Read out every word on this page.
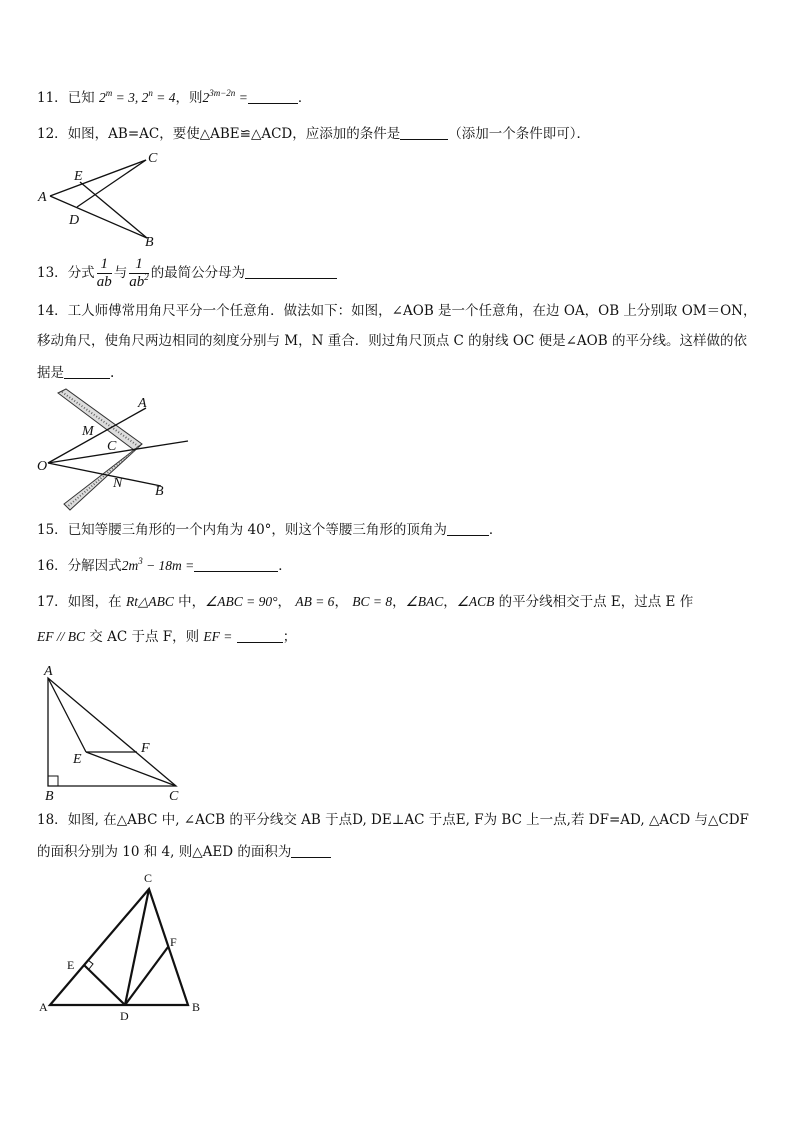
11．已知 $2^m = 3$, $2^n = 4$，则$2^{3m-2n}$ =	．
12．如图，AB=AC，要使△ABE≌△ACD，应添加的条件是	（添加一个条件即可）．
A
C
B
E
D
13．分式 $\frac{1}{ab}$ 与 $\frac{1}{ab^2}$ 的最简公分母为
14．工人师傅常用角尺平分一个任意角．做法如下：如图，∠AOB 是一个任意角，在边 OA，OB 上分别取 OM＝ON，
移动角尺，使角尺两边相同的刻度分别与 M，N 重合．则过角尺顶点 C 的射线 OC 便是∠AOB 的平分线。这样做的依
据是	.
A
O
M
C
N
B
15．已知等腰三角形的一个内角为 40°，则这个等腰三角形的顶角为	．
16．分解因式$2m^3 - 18m$ =	．
17．如图，在 Rt△ABC 中，∠ABC = 90°， AB = 6， BC = 8，∠BAC，∠ACB 的平分线相交于点 E，过点 E 作
EF // BC 交 AC 于点 F，则 EF =	；
A
B	C
E
F
18．如图, 在△ABC 中, ∠ACB 的平分线交 AB 于点D, DE⊥AC 于点E, F为 BC 上一点,若 DF=AD, △ACD 与△CDF
的面积分别为 10 和 4, 则△AED 的面积为
C
E
F
A
D
B
